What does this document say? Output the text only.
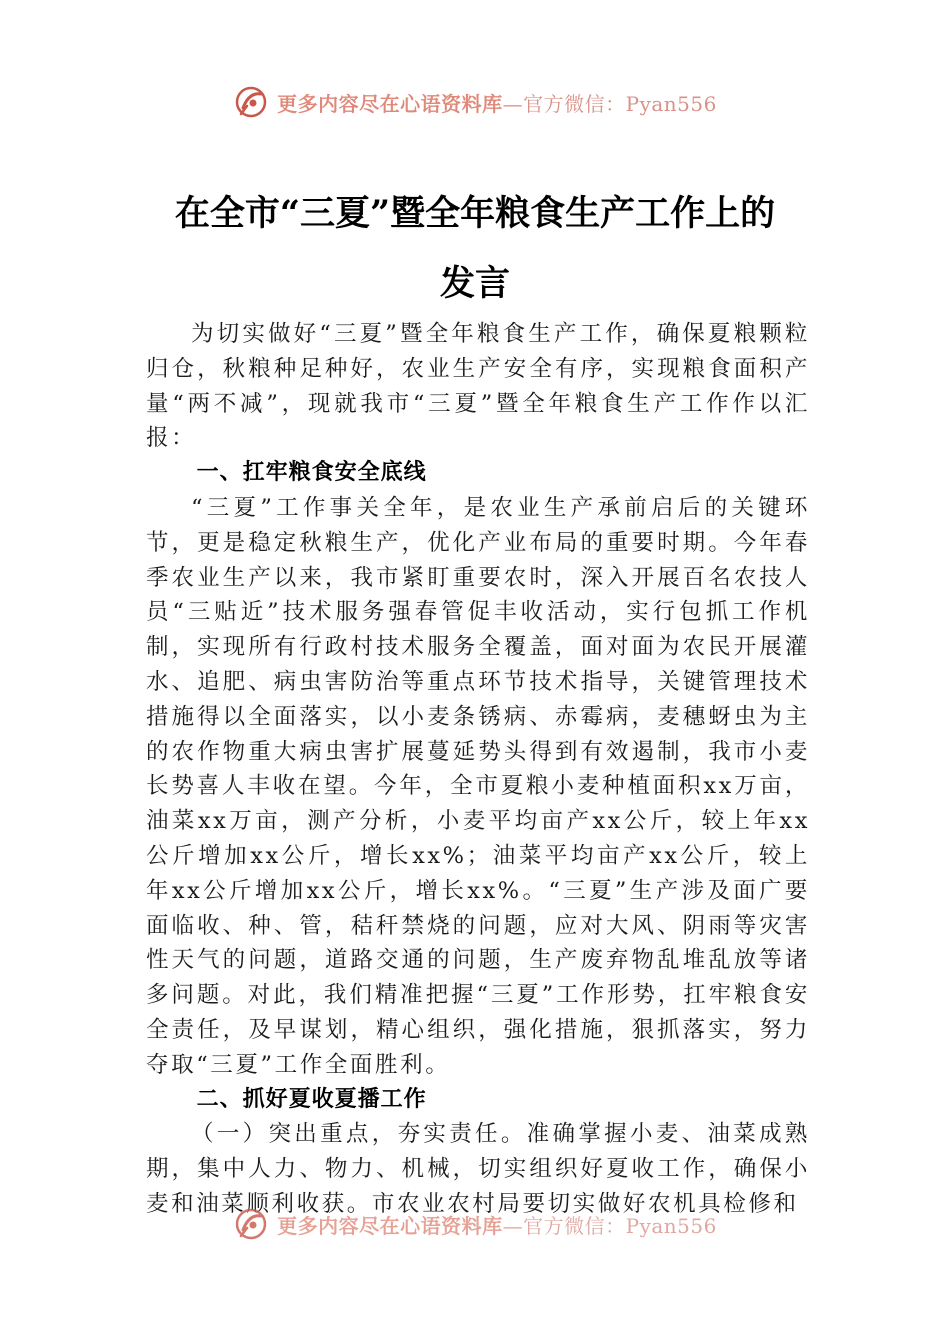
更多内容尽在心语资料库—官方微信：Pyan556
在全市“三夏”暨全年粮食生产工作上的
发言

为切实做好“三夏”暨全年粮食生产工作，确保夏粮颗粒归仓，秋粮种足种好，农业生产安全有序，实现粮食面积产量“两不减”，现就我市“三夏”暨全年粮食生产工作作以汇报：

一、扛牢粮食安全底线

“三夏”工作事关全年，是农业生产承前启后的关键环节，更是稳定秋粮生产，优化产业布局的重要时期。今年春季农业生产以来，我市紧盯重要农时，深入开展百名农技人员“三贴近”技术服务强春管促丰收活动，实行包抓工作机制，实现所有行政村技术服务全覆盖，面对面为农民开展灌水、追肥、病虫害防治等重点环节技术指导，关键管理技术措施得以全面落实，以小麦条锈病、赤霉病，麦穗蚜虫为主的农作物重大病虫害扩展蔓延势头得到有效遏制，我市小麦长势喜人丰收在望。今年，全市夏粮小麦种植面积xx万亩，油菜xx万亩，测产分析，小麦平均亩产xx公斤，较上年xx公斤增加xx公斤，增长xx%；油菜平均亩产xx公斤，较上年xx公斤增加xx公斤，增长xx%。“三夏”生产涉及面广要面临收、种、管，秸秆禁烧的问题，应对大风、阴雨等灾害性天气的问题，道路交通的问题，生产废弃物乱堆乱放等诸多问题。对此，我们精准把握“三夏”工作形势，扛牢粮食安全责任，及早谋划，精心组织，强化措施，狠抓落实，努力夺取“三夏”工作全面胜利。

二、抓好夏收夏播工作

（一）突出重点，夯实责任。准确掌握小麦、油菜成熟期，集中人力、物力、机械，切实组织好夏收工作，确保小麦和油菜顺利收获。市农业农村局要切实做好农机具检修和

更多内容尽在心语资料库—官方微信：Pyan556
